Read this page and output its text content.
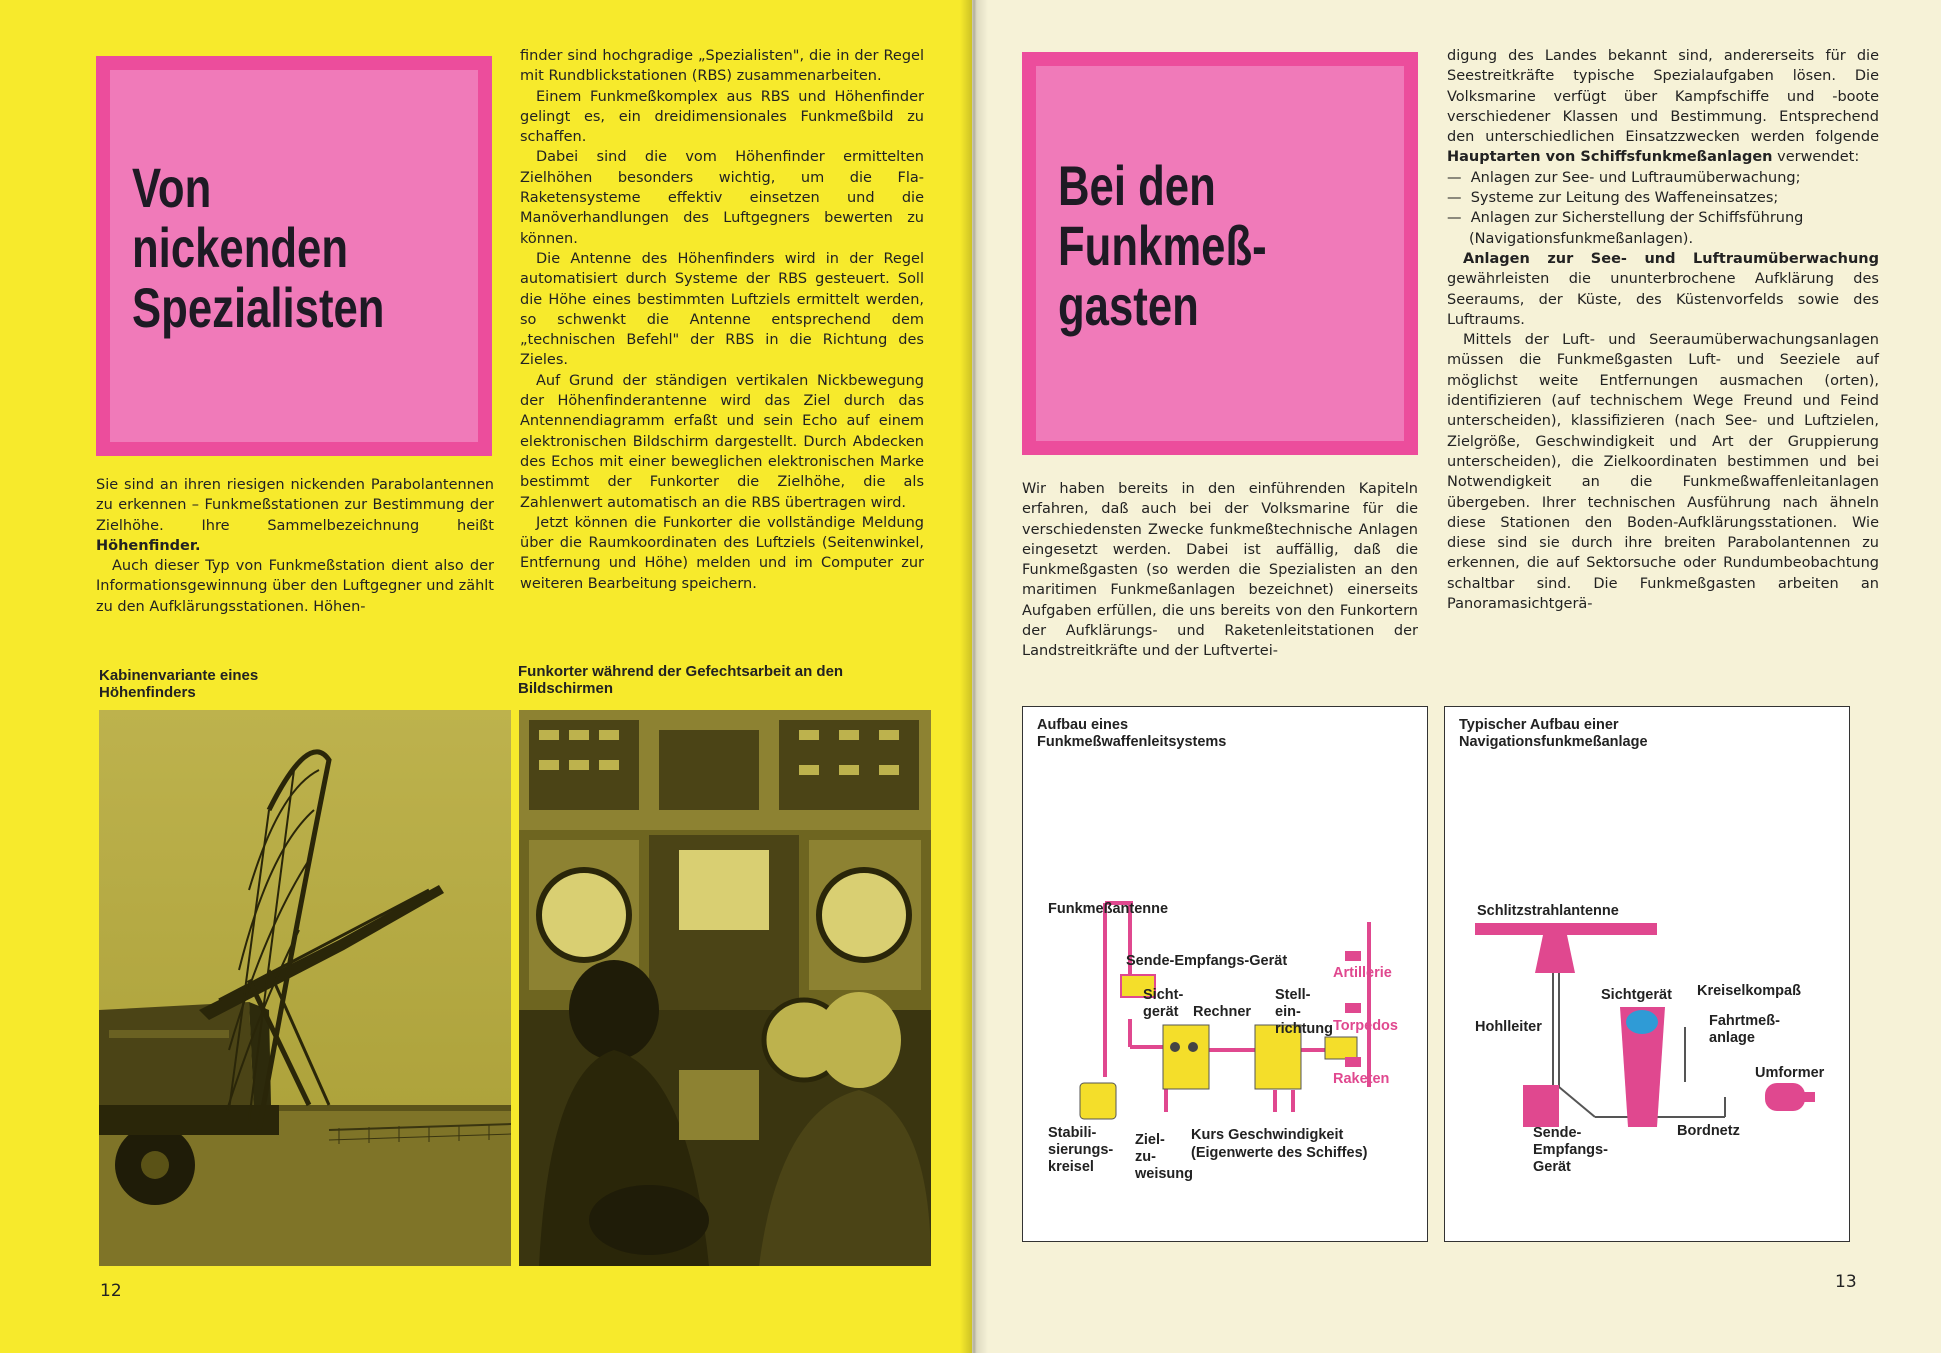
Von
nickenden
Spezialisten

Sie sind an ihren riesigen nickenden Parabolantennen zu erkennen – Funkmeßstationen zur Bestimmung der Zielhöhe. Ihre Sammelbezeichnung heißt Höhenfinder.

Auch dieser Typ von Funkmeßstation dient also der Informationsgewinnung über den Luftgegner und zählt zu den Aufklärungsstationen. Höhen-

finder sind hochgradige „Spezialisten", die in der Regel mit Rundblickstationen (RBS) zusammenarbeiten.

Einem Funkmeßkomplex aus RBS und Höhenfinder gelingt es, ein dreidimensionales Funkmeßbild zu schaffen.

Dabei sind die vom Höhenfinder ermittelten Zielhöhen besonders wichtig, um die Fla-Raketensysteme effektiv einsetzen und die Manöverhandlungen des Luftgegners bewerten zu können.

Die Antenne des Höhenfinders wird in der Regel automatisiert durch Systeme der RBS gesteuert. Soll die Höhe eines bestimmten Luftziels ermittelt werden, so schwenkt die Antenne entsprechend dem „technischen Befehl" der RBS in die Richtung des Zieles.

Auf Grund der ständigen vertikalen Nickbewegung der Höhenfinderantenne wird das Ziel durch das Antennendiagramm erfaßt und sein Echo auf einem elektronischen Bildschirm dargestellt. Durch Abdecken des Echos mit einer beweglichen elektronischen Marke bestimmt der Funkorter die Zielhöhe, die als Zahlenwert automatisch an die RBS übertragen wird.

Jetzt können die Funkorter die vollständige Meldung über die Raumkoordinaten des Luftziels (Seitenwinkel, Entfernung und Höhe) melden und im Computer zur weiteren Bearbeitung speichern.

Kabinenvariante eines Höhenfinders
Funkorter während der Gefechtsarbeit an den Bildschirmen
12
Bei den
Funkmeß-
gasten

Wir haben bereits in den einführenden Kapiteln erfahren, daß auch bei der Volksmarine für die verschiedensten Zwecke funkmeßtechnische Anlagen eingesetzt werden. Dabei ist auffällig, daß die Funkmeßgasten (so werden die Spezialisten an den maritimen Funkmeßanlagen bezeichnet) einerseits Aufgaben erfüllen, die uns bereits von den Funkortern der Aufklärungs- und Raketenleitstationen der Landstreitkräfte und der Luftvertei-

digung des Landes bekannt sind, andererseits für die Seestreitkräfte typische Spezialaufgaben lösen. Die Volksmarine verfügt über Kampfschiffe und -boote verschiedener Klassen und Bestimmung. Entsprechend den unterschiedlichen Einsatzzwecken werden folgende Hauptarten von Schiffsfunkmeßanlagen verwendet:

— Anlagen zur See- und Luftraumüberwachung;
— Systeme zur Leitung des Waffeneinsatzes;
— Anlagen zur Sicherstellung der Schiffsführung (Navigationsfunkmeßanlagen).

Anlagen zur See- und Luftraumüberwachung gewährleisten die ununterbrochene Aufklärung des Seeraums, der Küste, des Küstenvorfelds sowie des Luftraums.

Mittels der Luft- und Seeraumüberwachungsanlagen müssen die Funkmeßgasten Luft- und Seeziele auf möglichst weite Entfernungen ausmachen (orten), identifizieren (auf technischem Wege Freund und Feind unterscheiden), klassifizieren (nach See- und Luftzielen, Zielgröße, Geschwindigkeit und Art der Gruppierung unterscheiden), die Zielkoordinaten bestimmen und bei Notwendigkeit an die Funkmeßwaffenleitanlagen übergeben. Ihrer technischen Ausführung nach ähneln diese Stationen den Boden-Aufklärungsstationen. Wie diese sind sie durch ihre breiten Parabolantennen zu erkennen, die auf Sektorsuche oder Rundumbeobachtung schaltbar sind. Die Funkmeßgasten arbeiten an Panoramasichtgerä-

Aufbau eines
Funkmeßwaffenleitsystems
Funkmeßantenne
Sende-Empfangs-Gerät
Sicht-
gerät	Rechner
Stell-
ein-
richtung
Artillerie
Torpedos
Raketen
Stabili-
sierungs-
kreisel
Ziel-
zu-
weisung
Kurs Geschwindigkeit
(Eigenwerte des Schiffes)
Typischer Aufbau einer
Navigationsfunkmeßanlage
Schlitzstrahlantenne
Hohlleiter
Sichtgerät Kreiselkompaß
Fahrtmeß-
anlage
Umformer
Sende-
Empfangs-
Gerät
Bordnetz
13
